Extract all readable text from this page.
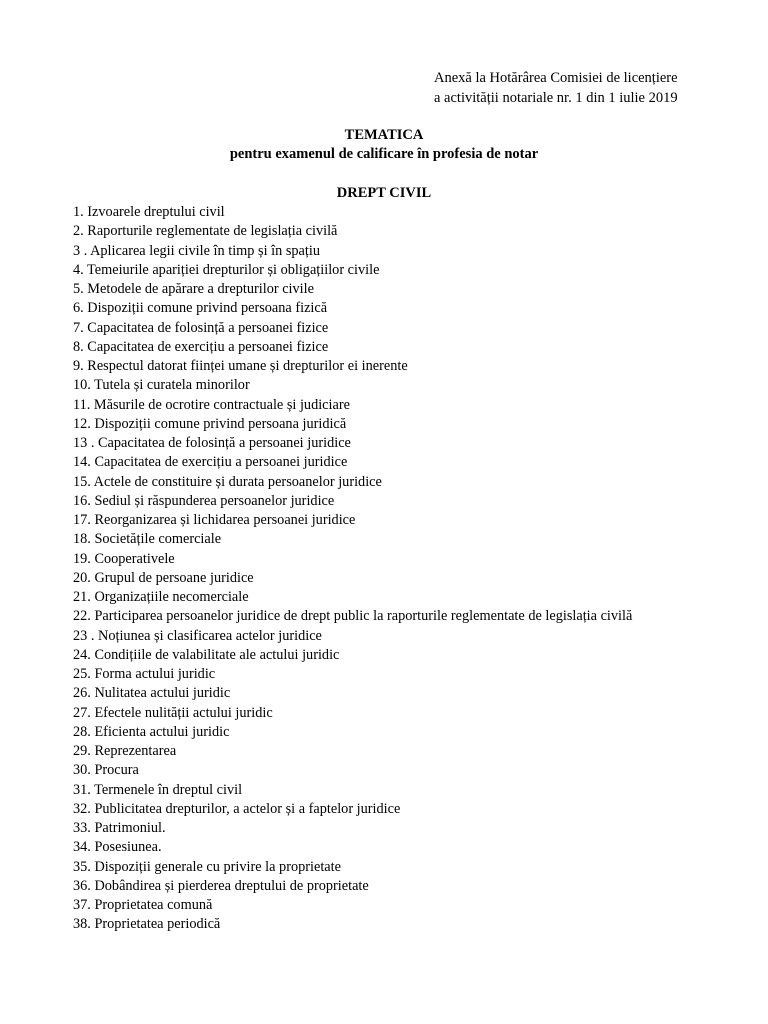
Anexă la Hotărârea Comisiei de licențiere
a activității notariale nr. 1 din 1 iulie 2019
TEMATICA
pentru examenul de calificare în profesia de notar
DREPT CIVIL
1. Izvoarele dreptului civil
2. Raporturile reglementate de legislația civilă
3 . Aplicarea legii civile în timp și în spațiu
4. Temeiurile apariției drepturilor și obligațiilor civile
5. Metodele de apărare a drepturilor civile
6. Dispoziții comune privind persoana fizică
7. Capacitatea de folosință a persoanei fizice
8. Capacitatea de exercițiu a persoanei fizice
9. Respectul datorat ființei umane și drepturilor ei inerente
10. Tutela și curatela minorilor
11. Măsurile de ocrotire contractuale și judiciare
12. Dispoziții comune privind persoana juridică
13 . Capacitatea de folosință a persoanei juridice
14. Capacitatea de exercițiu a persoanei juridice
15. Actele de constituire și durata persoanelor juridice
16. Sediul și răspunderea persoanelor juridice
17. Reorganizarea și lichidarea persoanei juridice
18. Societățile comerciale
19. Cooperativele
20. Grupul de persoane juridice
21. Organizațiile necomerciale
22. Participarea persoanelor juridice de drept public la raporturile reglementate de legislația civilă
23 . Noțiunea și clasificarea actelor juridice
24. Condițiile de valabilitate ale actului juridic
25. Forma actului juridic
26. Nulitatea actului juridic
27. Efectele nulității actului juridic
28. Eficienta actului juridic
29. Reprezentarea
30. Procura
31. Termenele în dreptul civil
32. Publicitatea drepturilor, a actelor și a faptelor juridice
33. Patrimoniul.
34. Posesiunea.
35. Dispoziții generale cu privire la proprietate
36. Dobândirea și pierderea dreptului de proprietate
37. Proprietatea comună
38. Proprietatea periodică
